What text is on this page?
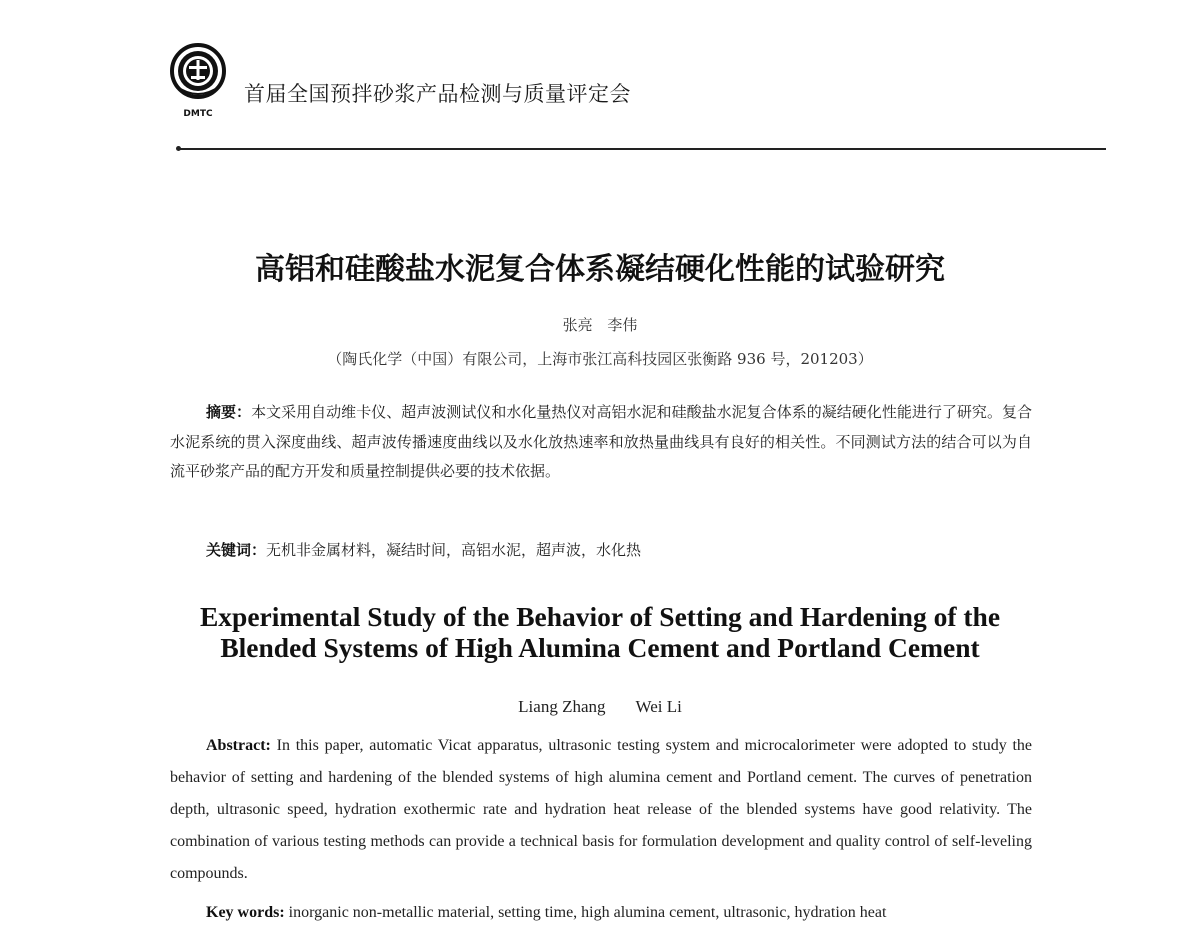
DMTC
首届全国预拌砂浆产品检测与质量评定会
高铝和硅酸盐水泥复合体系凝结硬化性能的试验研究
张亮 李伟
（陶氏化学（中国）有限公司，上海市张江高科技园区张衡路 936 号，201203）
摘要：本文采用自动维卡仪、超声波测试仪和水化量热仪对高铝水泥和硅酸盐水泥复合体系的凝结硬化性能进行了研究。复合水泥系统的贯入深度曲线、超声波传播速度曲线以及水化放热速率和放热量曲线具有良好的相关性。不同测试方法的结合可以为自流平砂浆产品的配方开发和质量控制提供必要的技术依据。
关键词：无机非金属材料，凝结时间，高铝水泥，超声波，水化热
Experimental Study of the Behavior of Setting and Hardening of the
Blended Systems of High Alumina Cement and Portland Cement
Liang Zhang Wei Li
Abstract: In this paper, automatic Vicat apparatus, ultrasonic testing system and microcalorimeter were adopted to study the behavior of setting and hardening of the blended systems of high alumina cement and Portland cement. The curves of penetration depth, ultrasonic speed, hydration exothermic rate and hydration heat release of the blended systems have good relativity. The combination of various testing methods can provide a technical basis for formulation development and quality control of self-leveling compounds.
Key words: inorganic non-metallic material, setting time, high alumina cement, ultrasonic, hydration heat
